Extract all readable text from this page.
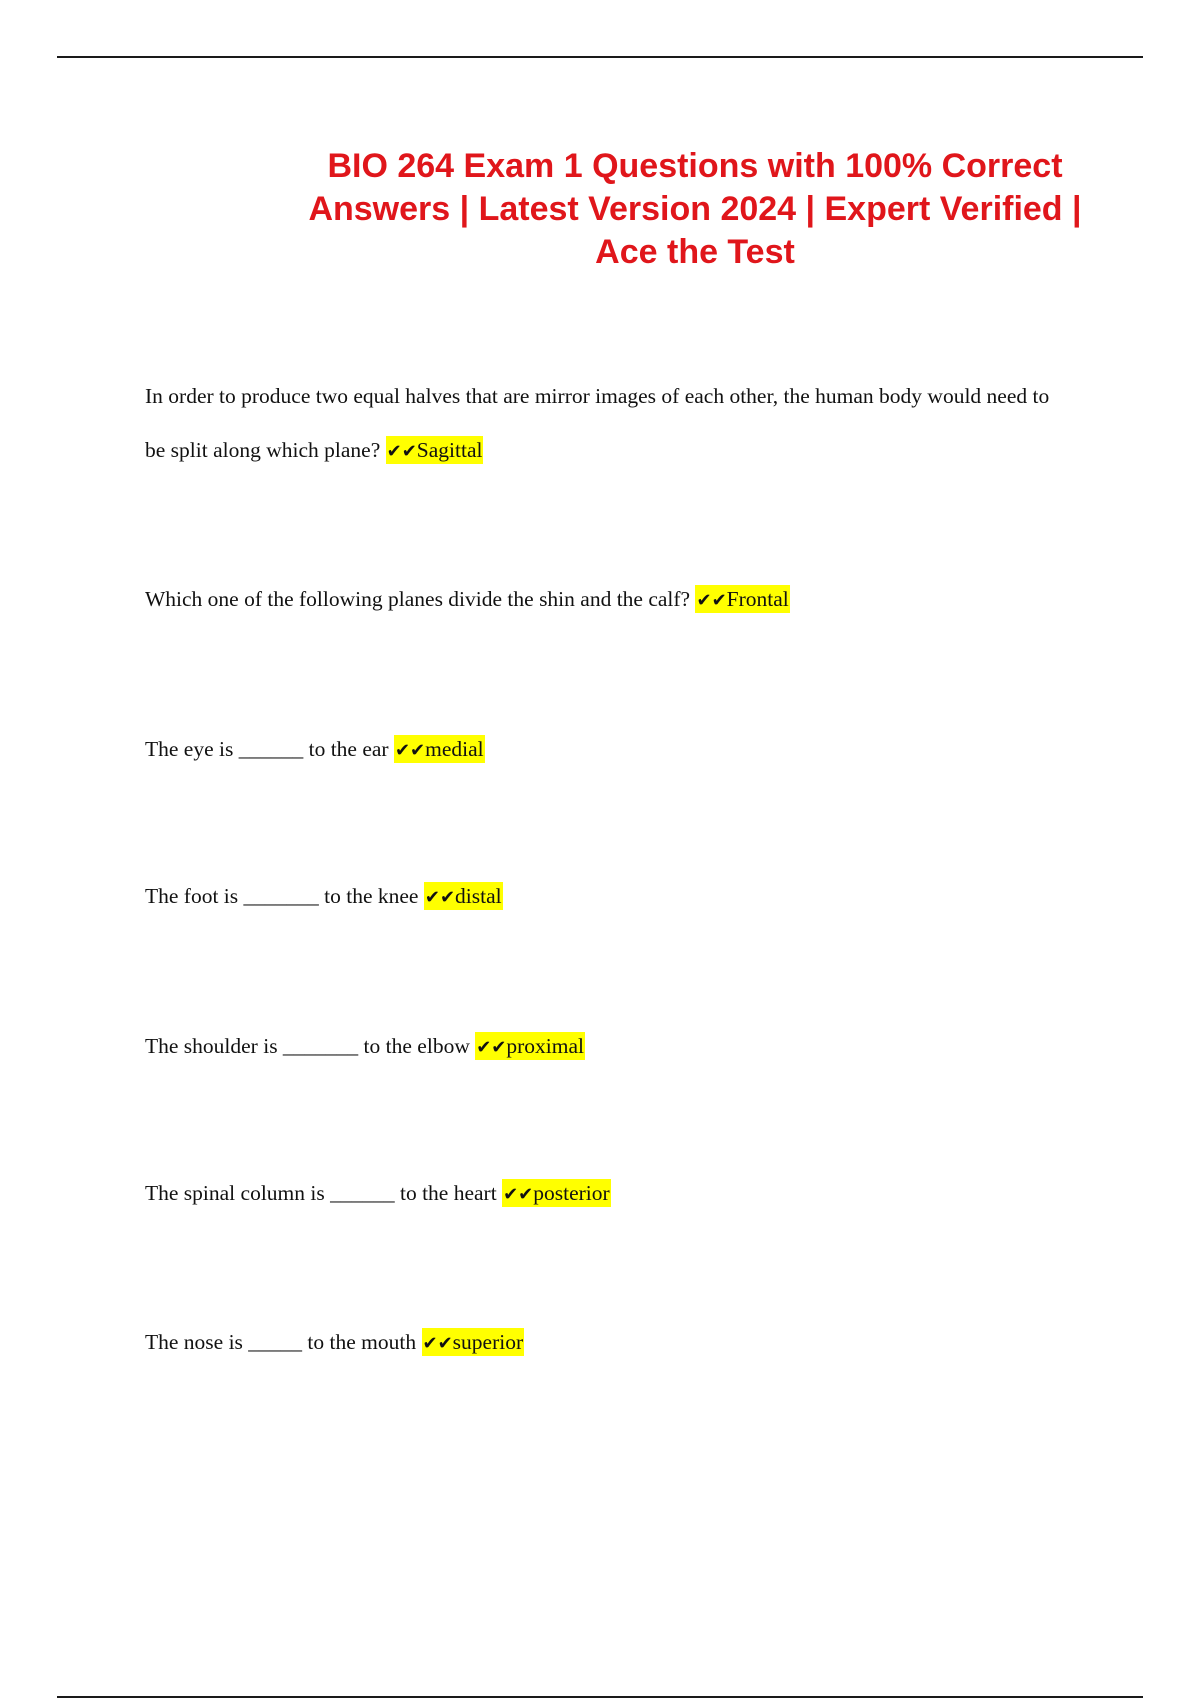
BIO 264 Exam 1 Questions with 100% Correct Answers | Latest Version 2024 | Expert Verified | Ace the Test

In order to produce two equal halves that are mirror images of each other, the human body would need to be split along which plane? ✔✔Sagittal

Which one of the following planes divide the shin and the calf? ✔✔Frontal

The eye is ______ to the ear ✔✔medial

The foot is _______ to the knee ✔✔distal

The shoulder is _______ to the elbow ✔✔proximal

The spinal column is ______ to the heart ✔✔posterior

The nose is _____ to the mouth ✔✔superior
